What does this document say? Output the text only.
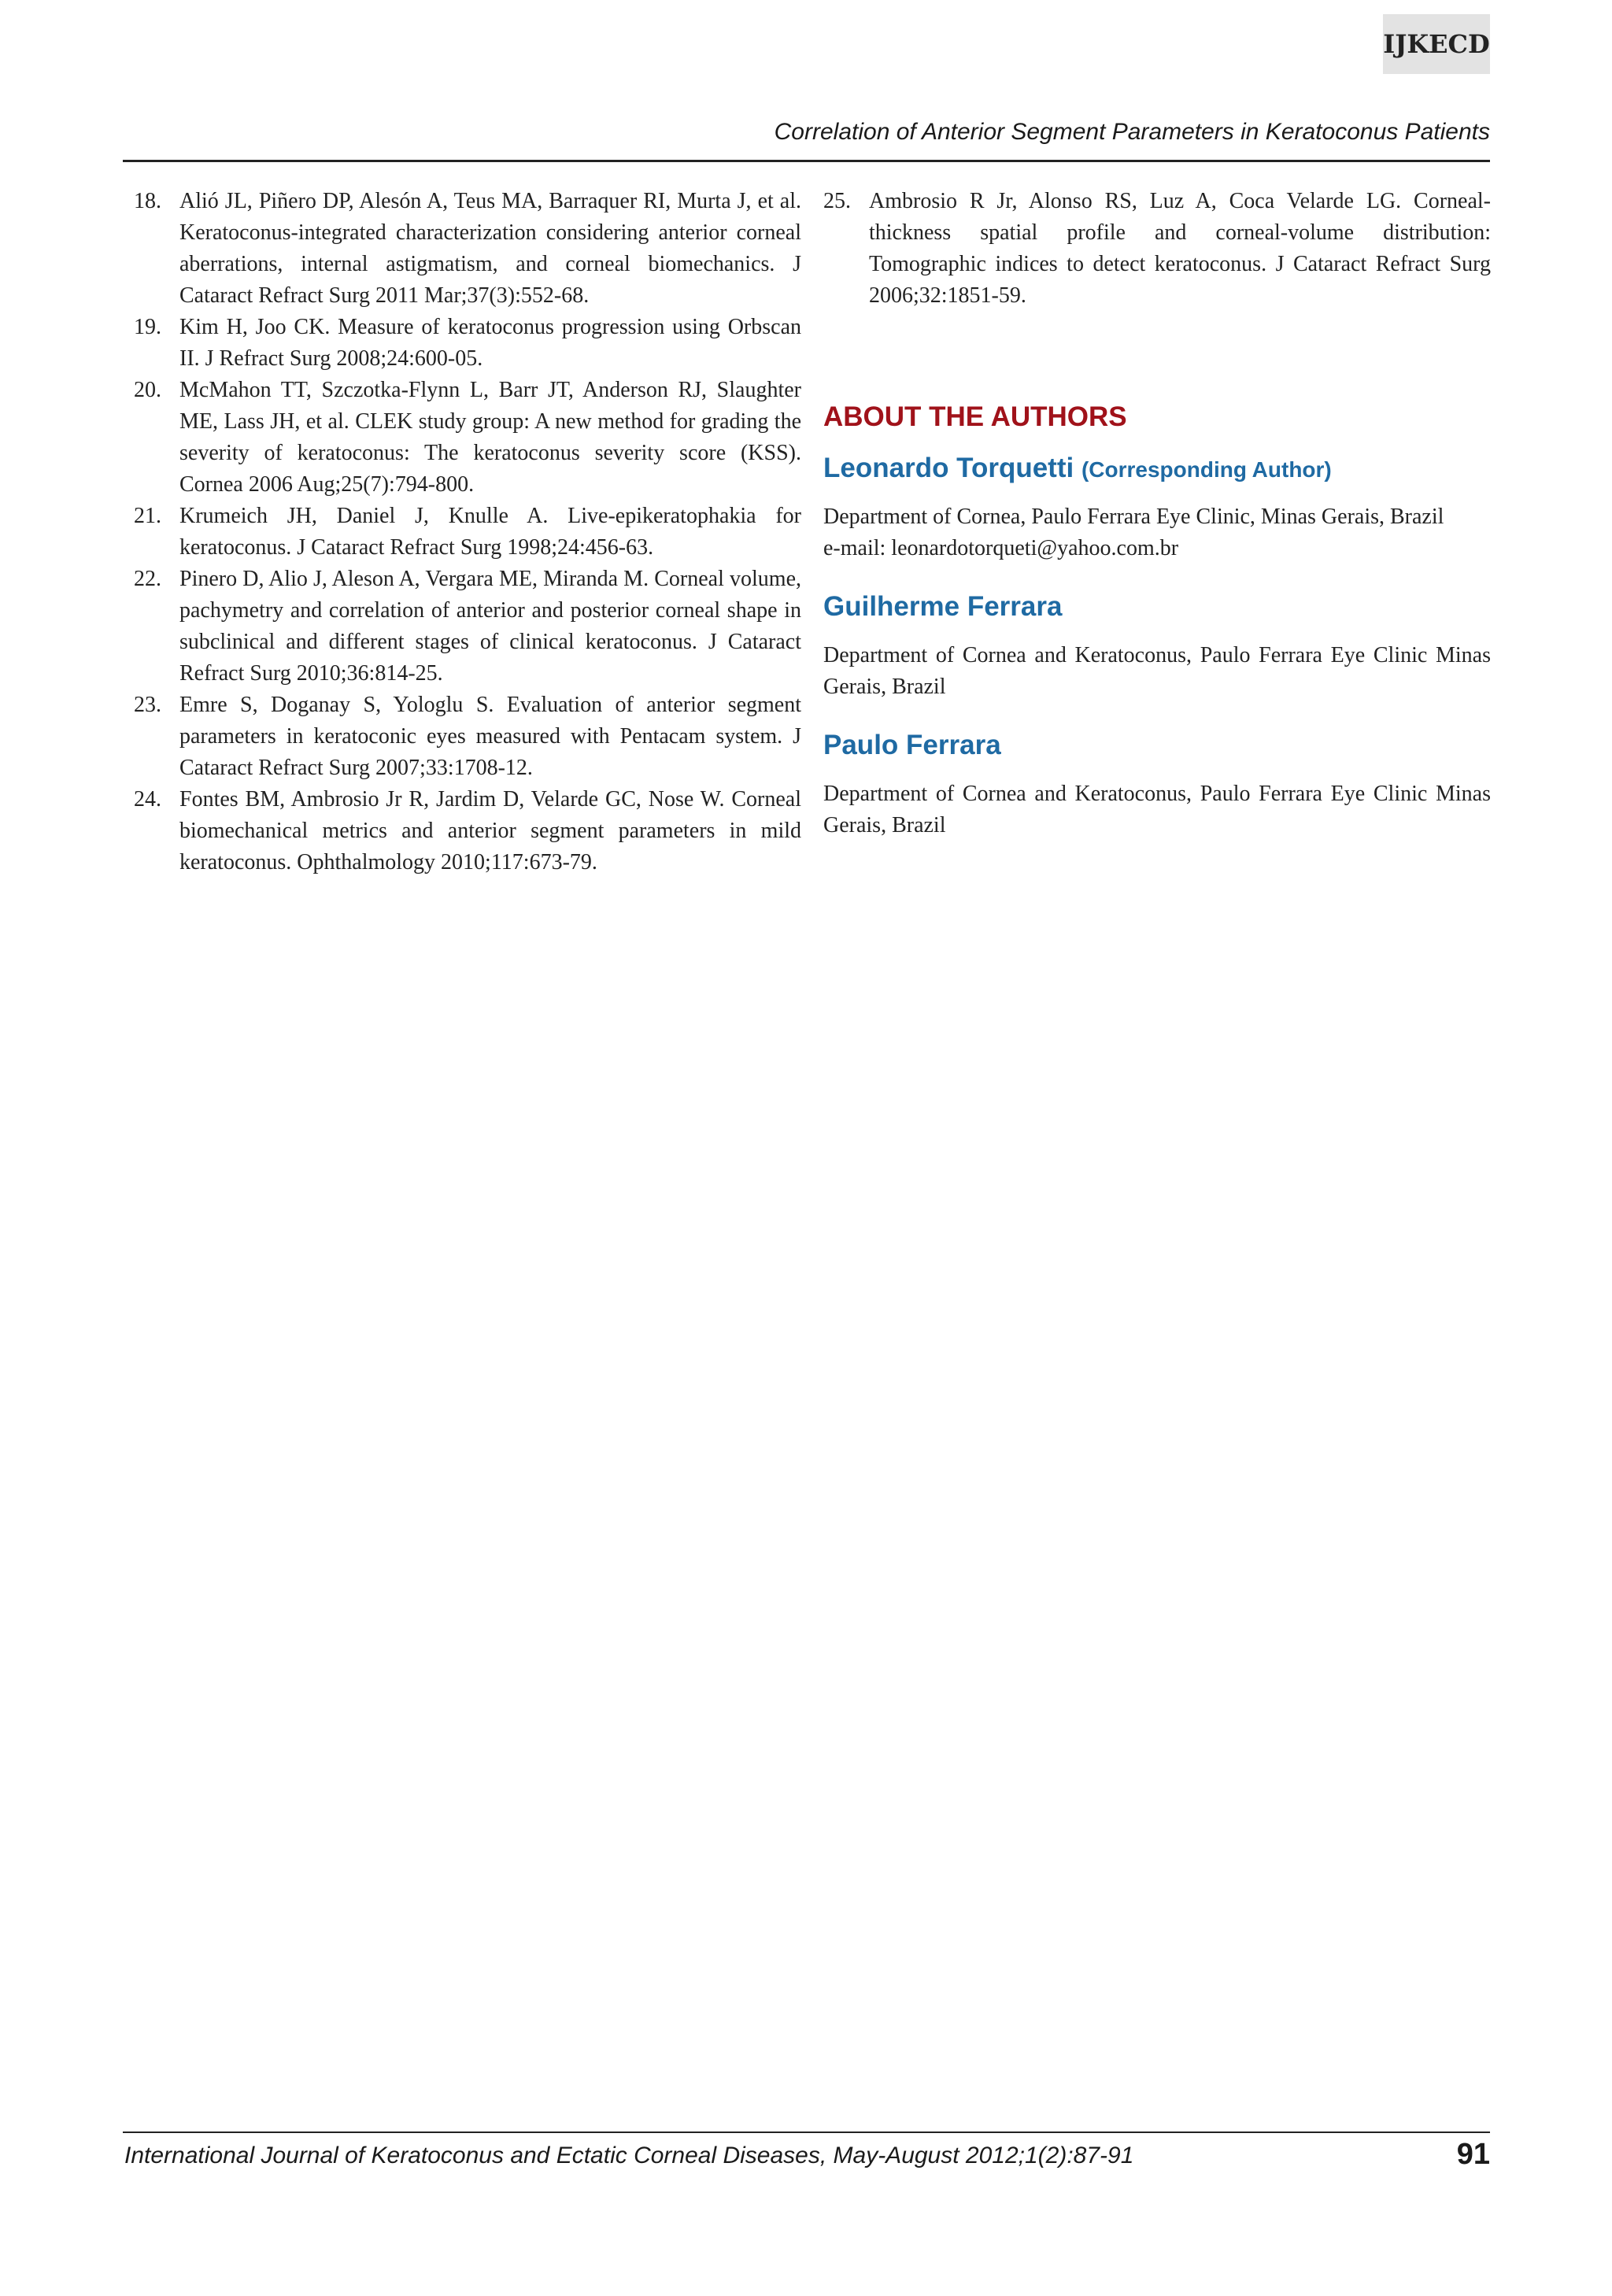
IJKECD
Correlation of Anterior Segment Parameters in Keratoconus Patients
18. Alió JL, Piñero DP, Alesón A, Teus MA, Barraquer RI, Murta J, et al. Keratoconus-integrated characterization considering anterior corneal aberrations, internal astigmatism, and corneal biomechanics. J Cataract Refract Surg 2011 Mar;37(3):552-68.
19. Kim H, Joo CK. Measure of keratoconus progression using Orbscan II. J Refract Surg 2008;24:600-05.
20. McMahon TT, Szczotka-Flynn L, Barr JT, Anderson RJ, Slaughter ME, Lass JH, et al. CLEK study group: A new method for grading the severity of keratoconus: The keratoconus severity score (KSS). Cornea 2006 Aug;25(7):794-800.
21. Krumeich JH, Daniel J, Knulle A. Live-epikeratophakia for keratoconus. J Cataract Refract Surg 1998;24:456-63.
22. Pinero D, Alio J, Aleson A, Vergara ME, Miranda M. Corneal volume, pachymetry and correlation of anterior and posterior corneal shape in subclinical and different stages of clinical keratoconus. J Cataract Refract Surg 2010;36:814-25.
23. Emre S, Doganay S, Yologlu S. Evaluation of anterior segment parameters in keratoconic eyes measured with Pentacam system. J Cataract Refract Surg 2007;33:1708-12.
24. Fontes BM, Ambrosio Jr R, Jardim D, Velarde GC, Nose W. Corneal biomechanical metrics and anterior segment parameters in mild keratoconus. Ophthalmology 2010;117:673-79.
25. Ambrosio R Jr, Alonso RS, Luz A, Coca Velarde LG. Corneal-thickness spatial profile and corneal-volume distribution: Tomographic indices to detect keratoconus. J Cataract Refract Surg 2006;32:1851-59.
ABOUT THE AUTHORS
Leonardo Torquetti (Corresponding Author)
Department of Cornea, Paulo Ferrara Eye Clinic, Minas Gerais, Brazil
e-mail: leonardotorqueti@yahoo.com.br
Guilherme Ferrara
Department of Cornea and Keratoconus, Paulo Ferrara Eye Clinic Minas Gerais, Brazil
Paulo Ferrara
Department of Cornea and Keratoconus, Paulo Ferrara Eye Clinic Minas Gerais, Brazil
International Journal of Keratoconus and Ectatic Corneal Diseases, May-August 2012;1(2):87-91	91
